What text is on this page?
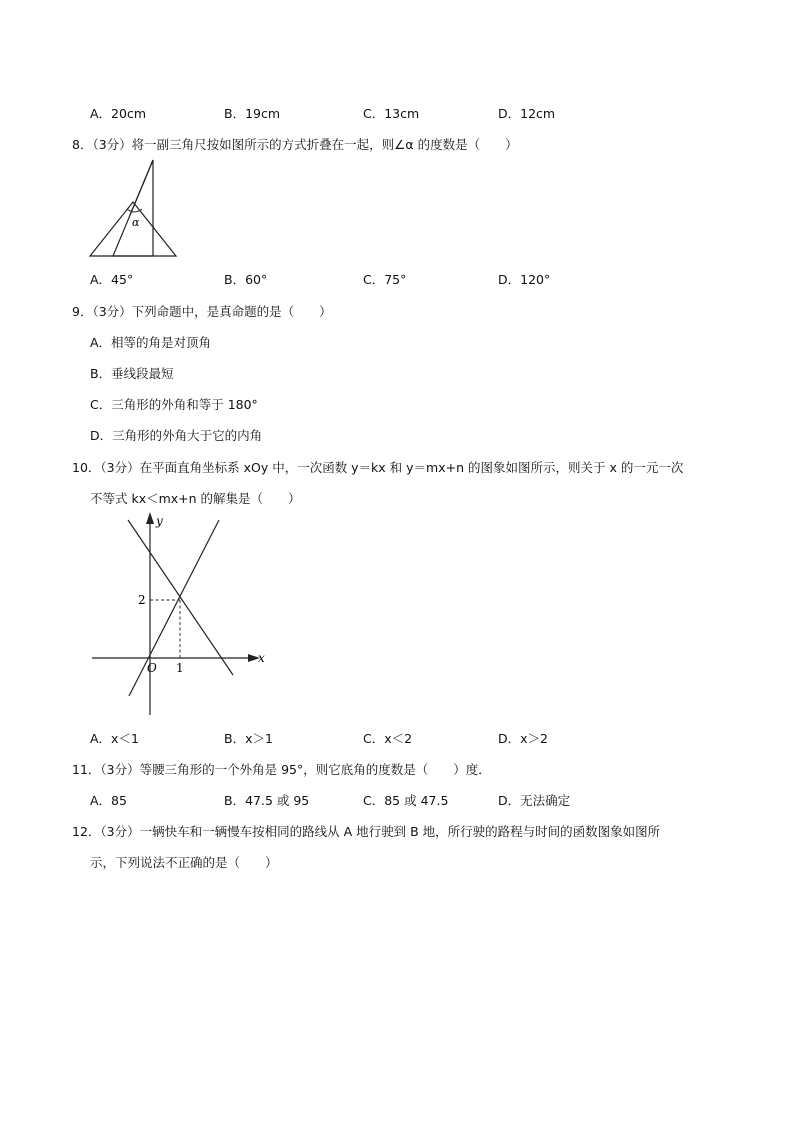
A．20cm	B．19cm	C．13cm	D．12cm
8．（3分）将一副三角尺按如图所示的方式折叠在一起，则∠α 的度数是（　　）
α
A．45°	B．60°	C．75°	D．120°
9．（3分）下列命题中，是真命题的是（　　）
A．相等的角是对顶角
B．垂线段最短
C．三角形的外角和等于 180°
D．三角形的外角大于它的内角
10．（3分）在平面直角坐标系 xOy 中，一次函数 y＝kx 和 y＝mx+n 的图象如图所示，则关于 x 的一元一次
不等式 kx＜mx+n 的解集是（　　）
x
y
O 1
2
A．x＜1	B．x＞1	C．x＜2	D．x＞2
11．（3分）等腰三角形的一个外角是 95°，则它底角的度数是（　　）度．
A．85	B．47.5 或 95	C．85 或 47.5	D．无法确定
12．（3分）一辆快车和一辆慢车按相同的路线从 A 地行驶到 B 地，所行驶的路程与时间的函数图象如图所
示，下列说法不正确的是（　　）
